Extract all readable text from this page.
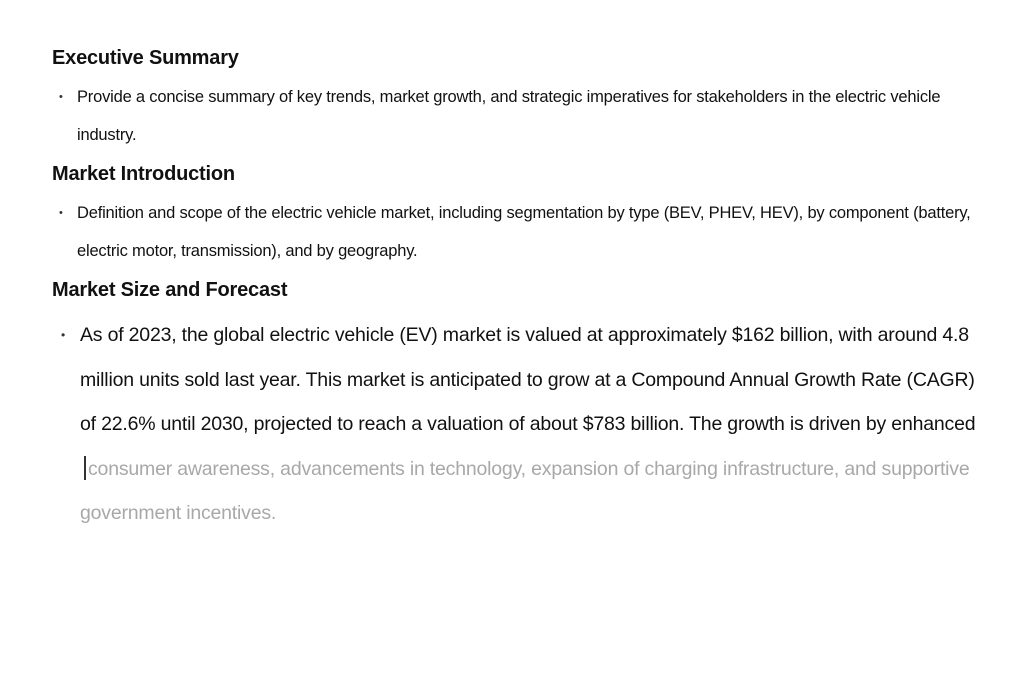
Executive Summary
• Provide a concise summary of key trends, market growth, and strategic imperatives for stakeholders in the electric vehicle industry.
Market Introduction
• Definition and scope of the electric vehicle market, including segmentation by type (BEV, PHEV, HEV), by component (battery, electric motor, transmission), and by geography.
Market Size and Forecast
• As of 2023, the global electric vehicle (EV) market is valued at approximately $162 billion, with around 4.8 million units sold last year. This market is anticipated to grow at a Compound Annual Growth Rate (CAGR) of 22.6% until 2030, projected to reach a valuation of about $783 billion. The growth is driven by enhancedconsumer awareness, advancements in technology, expansion of charging infrastructure, and supportive government incentives.
